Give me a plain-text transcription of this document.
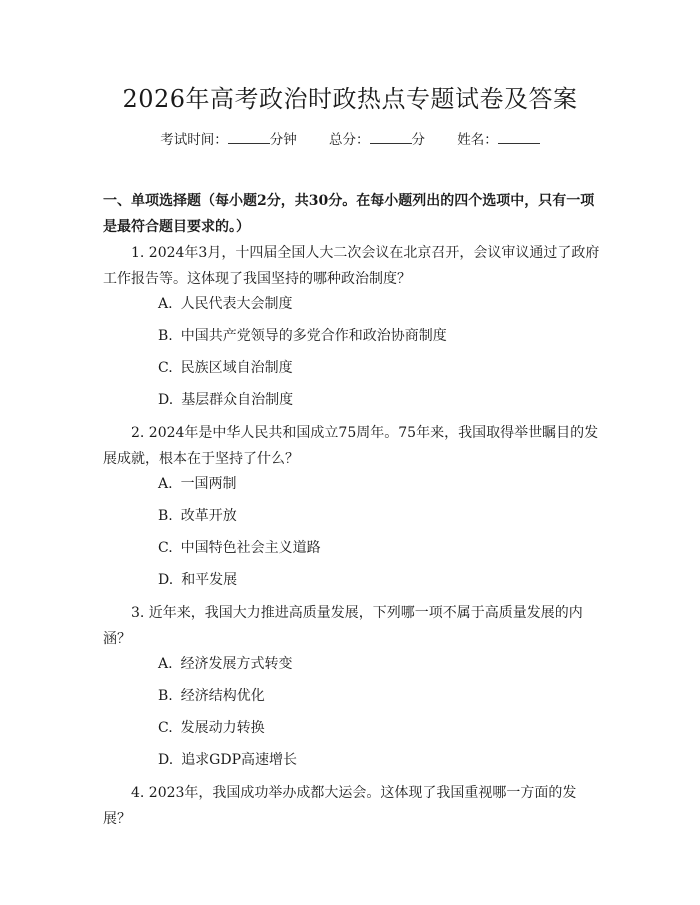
2026年高考政治时政热点专题试卷及答案
考试时间：	分钟 总分：	分 姓名：
一、单项选择题（每小题2分，共30分。在每小题列出的四个选项中，只有一项是最符合题目要求的。）
1. 2024年3月，十四届全国人大二次会议在北京召开，会议审议通过了政府工作报告等。这体现了我国坚持的哪种政治制度？
A. 人民代表大会制度
B. 中国共产党领导的多党合作和政治协商制度
C. 民族区域自治制度
D. 基层群众自治制度
2. 2024年是中华人民共和国成立75周年。75年来，我国取得举世瞩目的发展成就，根本在于坚持了什么？
A. 一国两制
B. 改革开放
C. 中国特色社会主义道路
D. 和平发展
3. 近年来，我国大力推进高质量发展，下列哪一项不属于高质量发展的内涵？
A. 经济发展方式转变
B. 经济结构优化
C. 发展动力转换
D. 追求GDP高速增长
4. 2023年，我国成功举办成都大运会。这体现了我国重视哪一方面的发展？
